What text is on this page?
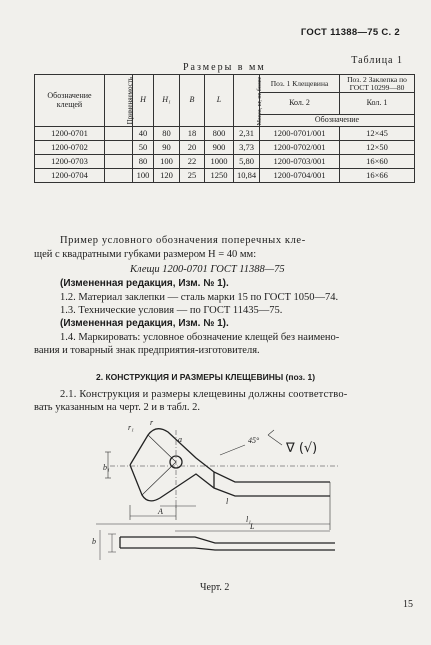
ГОСТ 11388—75 С. 2
Размеры в мм
Таблица 1
Обозначение клещей	Применяемость	H	H₁	B	L	Масса, кг, не более	Поз. 1 Клещевина	Поз. 2 Заклепка по ГОСТ 10299—80
							Кол. 2	Кол. 1
							Обозначение	
1200-0701		40	80	18	800	2,31	1200-0701/001	12×45
1200-0702		50	90	20	900	3,73	1200-0702/001	12×50
1200-0703		80	100	22	1000	5,80	1200-0703/001	16×60
1200-0704		100	120	25	1250	10,84	1200-0704/001	16×66
Пример условного обозначения поперечных кле-
щей с квадратными губками размером H = 40 мм:
Клещи 1200-0701 ГОСТ 11388—75
(Измененная редакция, Изм. № 1).
1.2. Материал заклепки — сталь марки 15 по ГОСТ 1050—74.
1.3. Технические условия — по ГОСТ 11435—75.
(Измененная редакция, Изм. № 1).
1.4. Маркировать: условное обозначение клещей без наимено-
вания и товарный знак предприятия-изготовителя.
2. КОНСТРУКЦИЯ И РАЗМЕРЫ КЛЕЩЕВИНЫ (поз. 1)
2.1. Конструкция и размеры клещевины должны соответство-
вать указанным на черт. 2 и в табл. 2.
r
r₁
a
b₁
A
45°
l
l₁
L
b
∇ (√)
Черт. 2
15
